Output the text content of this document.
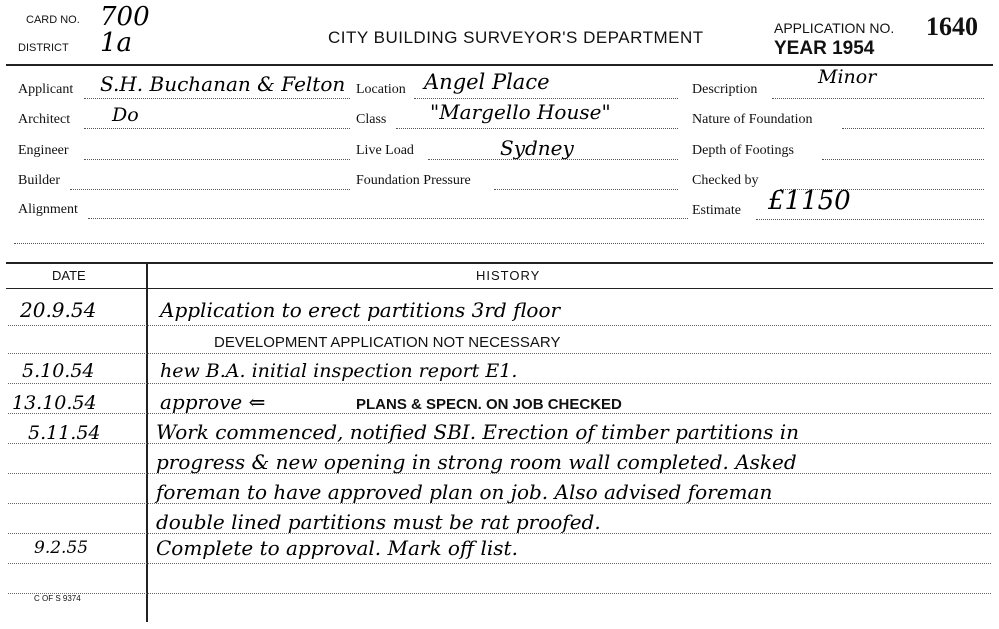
CARD NO. 700
DISTRICT 1a	CITY BUILDING SURVEYOR'S DEPARTMENT	APPLICATION NO. 1640
YEAR 1954
Applicant S.H. Buchanan & Felton
Architect Do
Engineer
Builder
Alignment
Location Angel Place
Class "Margello House"
Live Load	Sydney
Foundation Pressure
Description
Minor
Nature of Foundation
Depth of Footings
Checked by
Estimate £1150
DATE	HISTORY
20.9.54	Application to erect partitions 3rd floor
DEVELOPMENT APPLICATION NOT NECESSARY
5.10.54	hew B.A. initial inspection report E1.
13.10.54	approve ⇐	PLANS & SPECN. ON JOB CHECKED
5.11.54	Work commenced, notified SBI. Erection of timber partitions in
progress & new opening in strong room wall completed. Asked
foreman to have approved plan on job. Also advised foreman
double lined partitions must be rat proofed.
9.2.55	Complete to approval. Mark off list.
C OF S 9374
